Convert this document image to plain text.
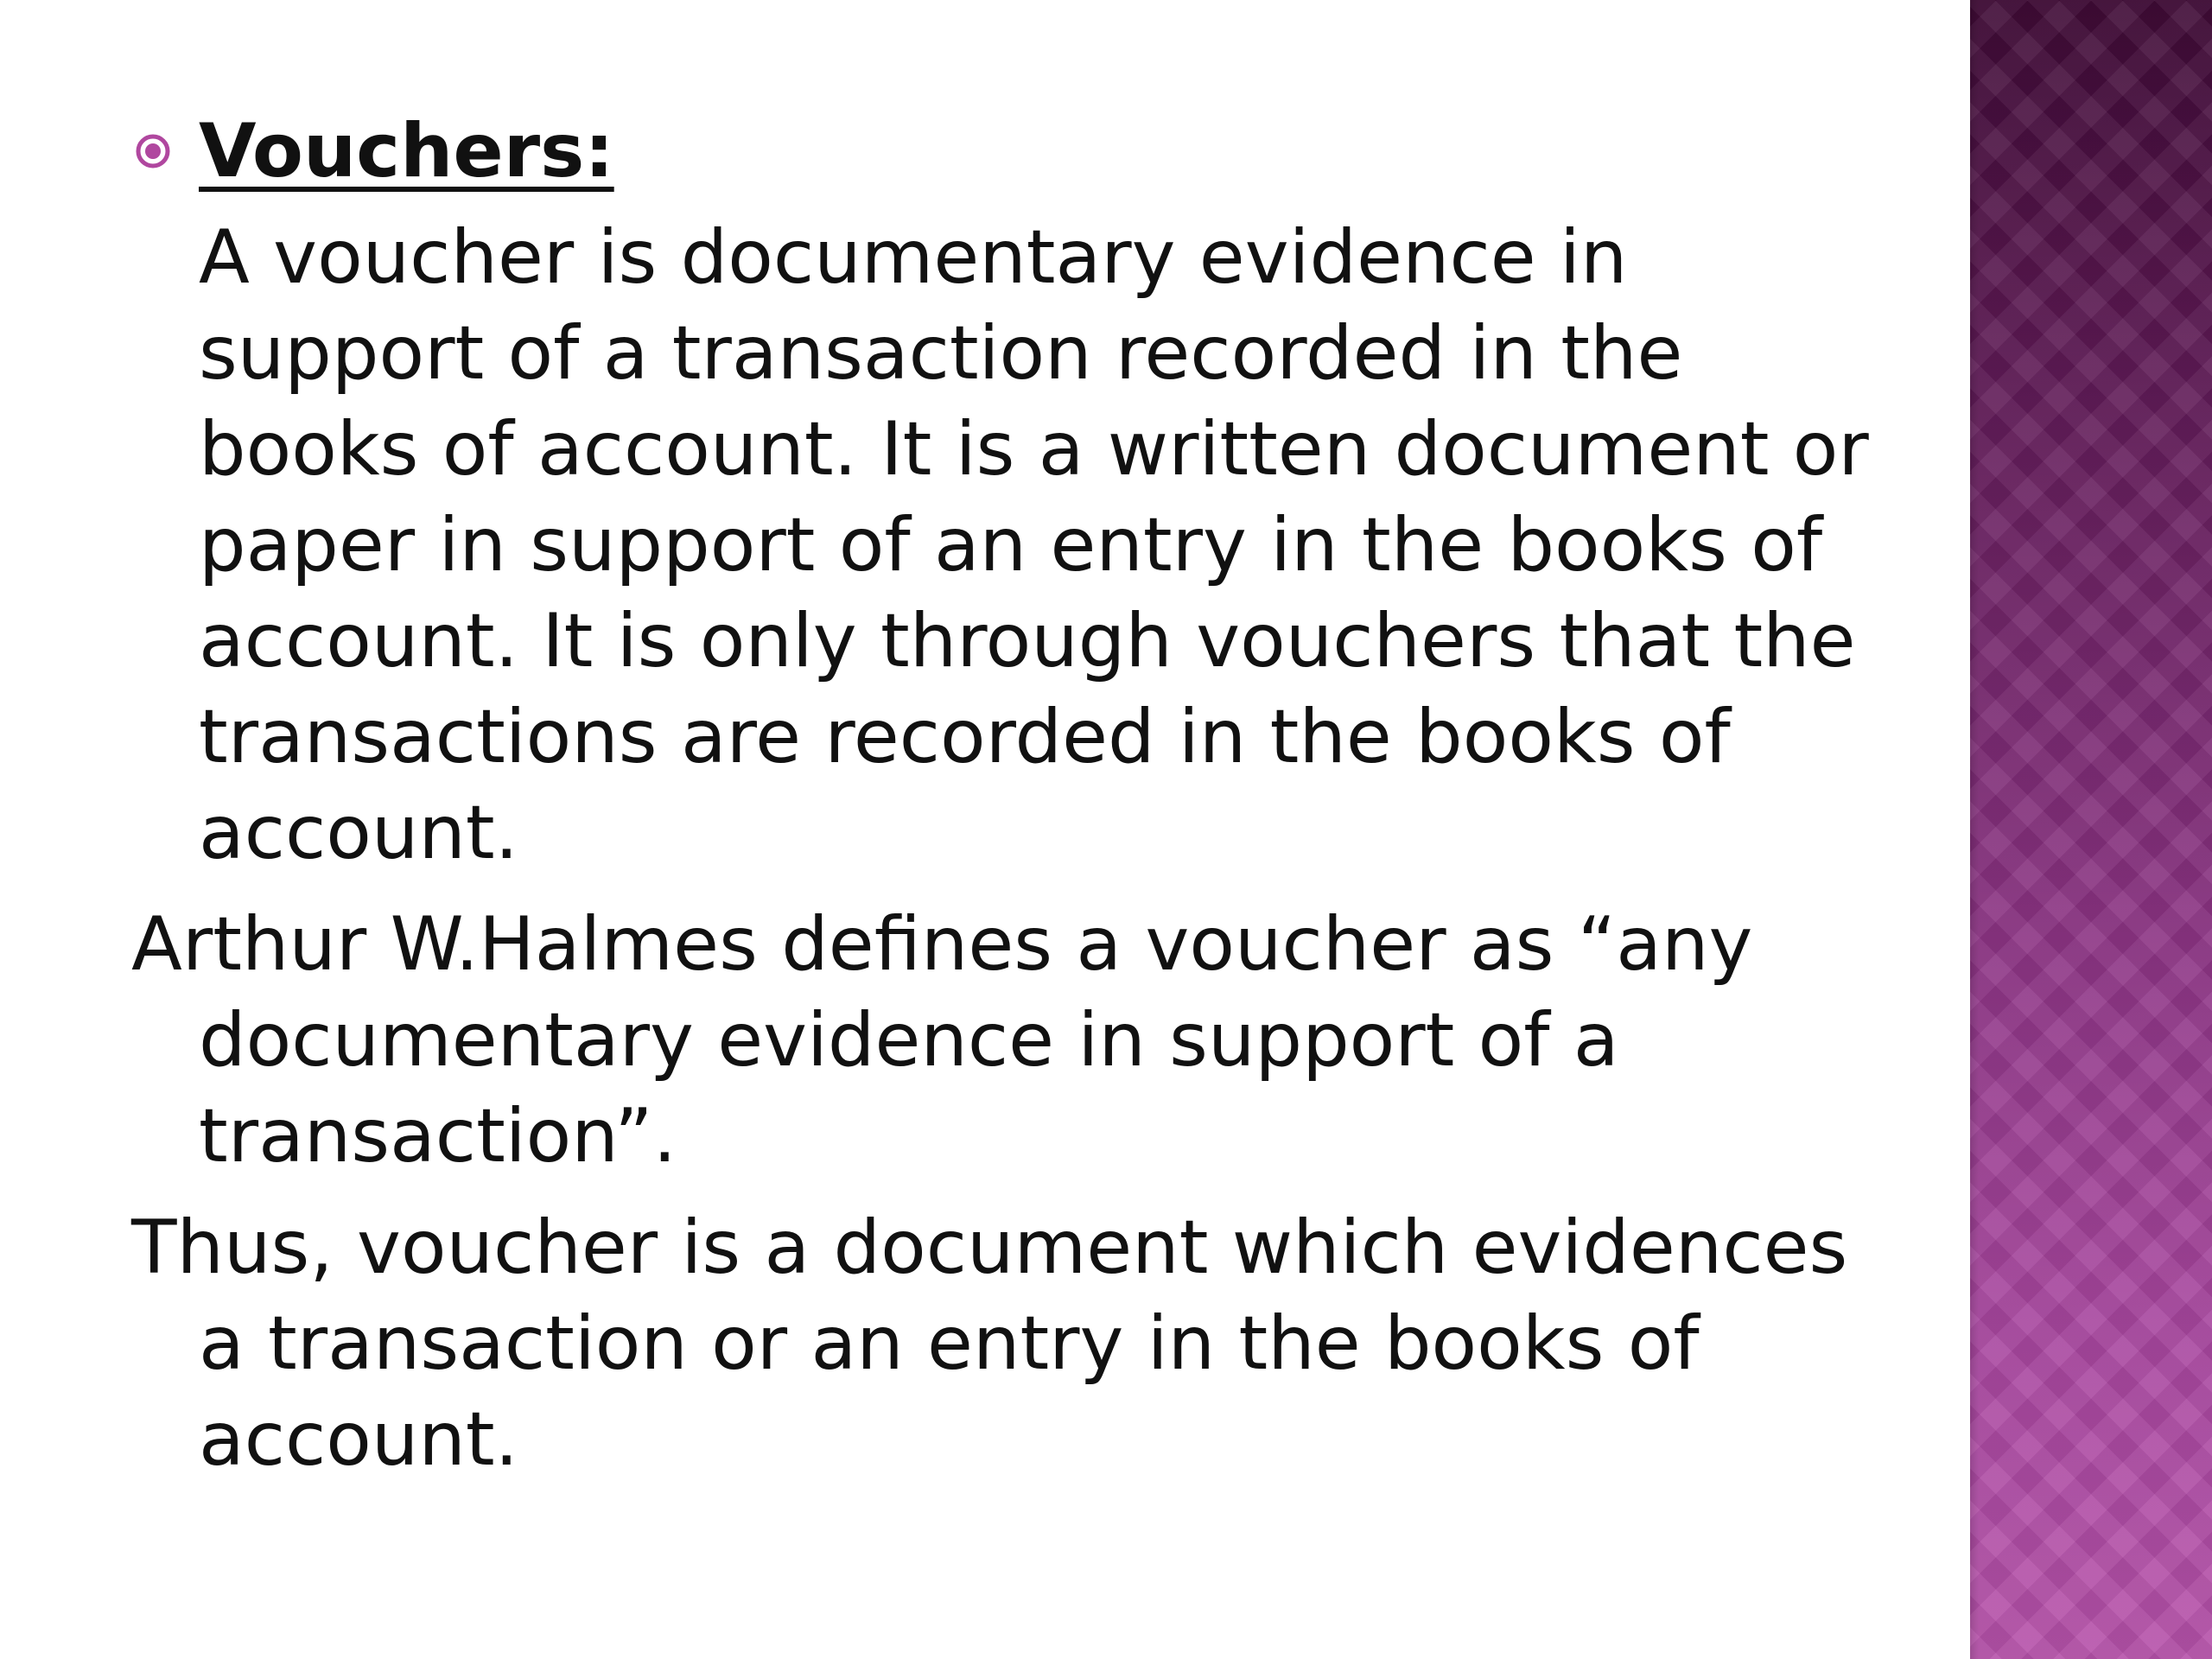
Vouchers:

A voucher is documentary evidence in support of a transaction recorded in the books of account. It is a written document or paper in support of an entry in the books of account. It is only through vouchers that the transactions are recorded in the books of account.

Arthur W.Halmes defines a voucher as “any documentary evidence in support of a transaction”.

Thus, voucher is a document which evidences a transaction or an entry in the books of account.
